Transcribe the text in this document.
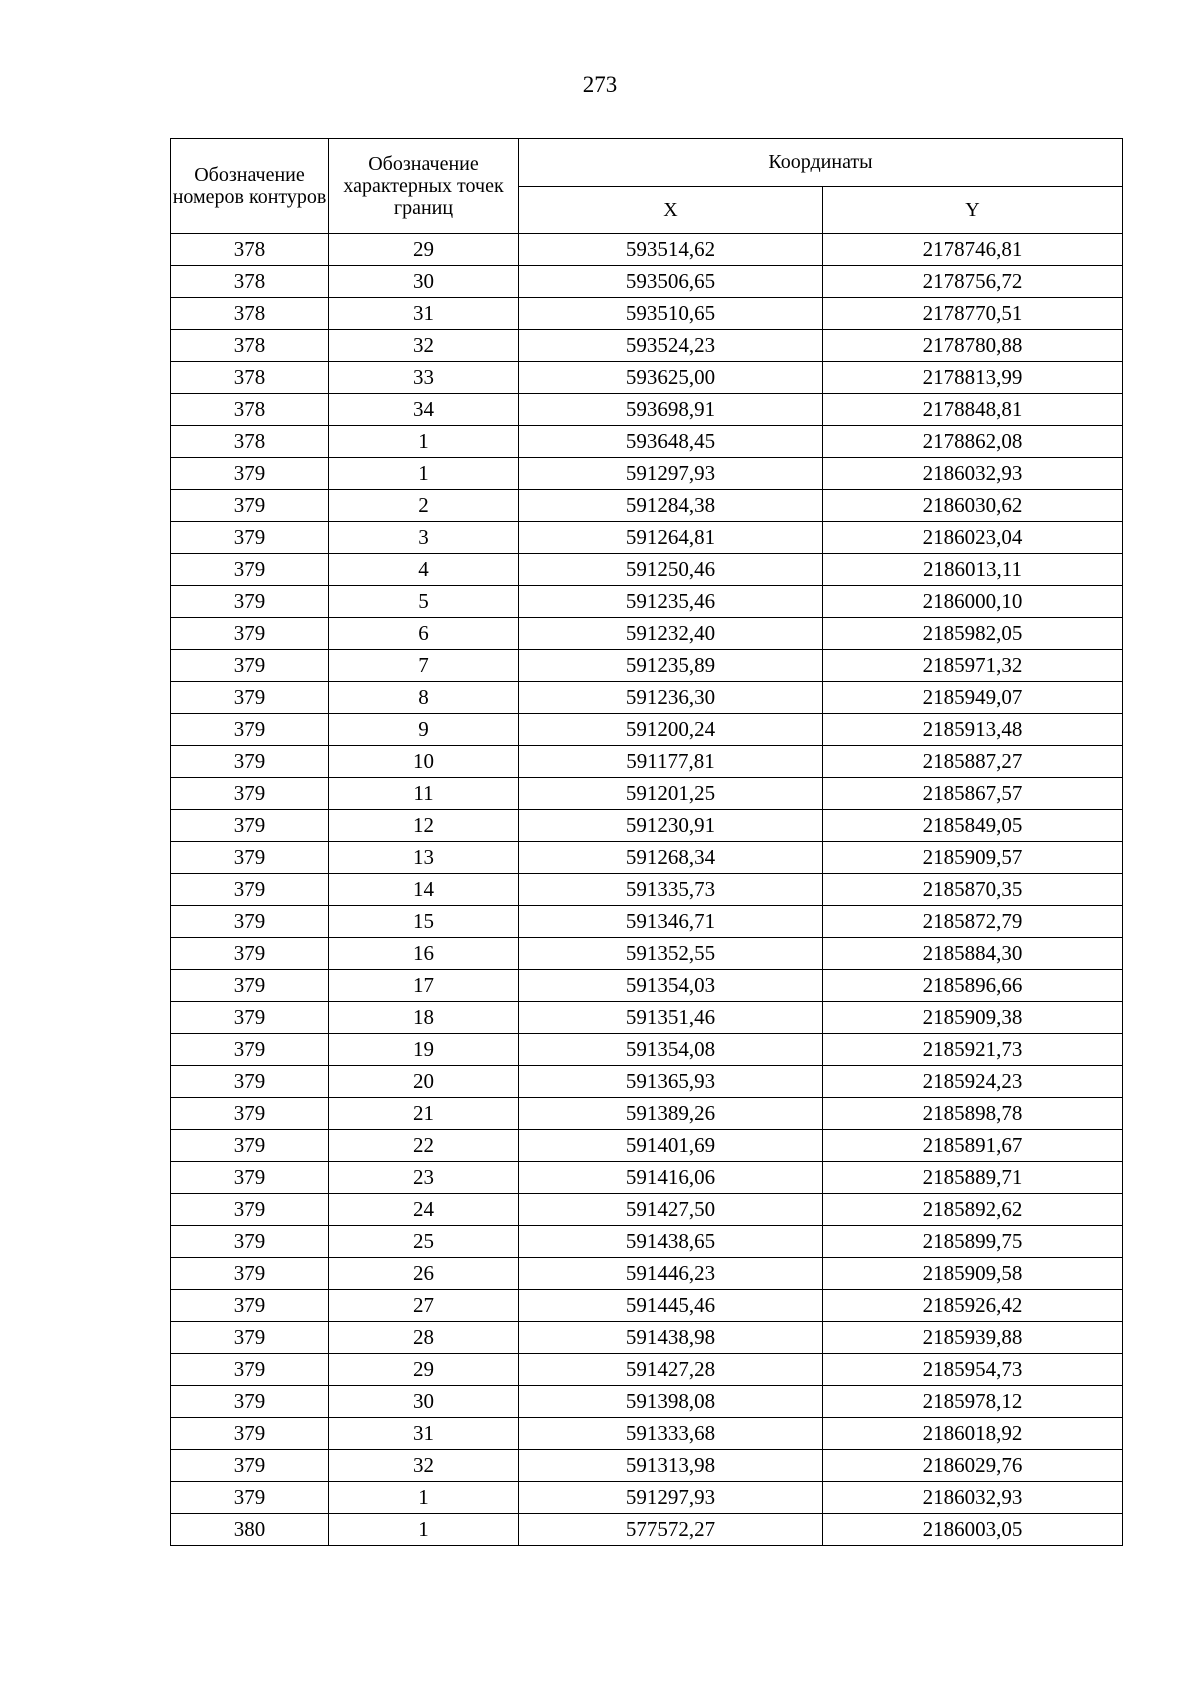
273
Обозначение номеров контуров	Обозначение характерных точек границ	Координаты	
		X	Y
378	29	593514,62	2178746,81
378	30	593506,65	2178756,72
378	31	593510,65	2178770,51
378	32	593524,23	2178780,88
378	33	593625,00	2178813,99
378	34	593698,91	2178848,81
378	1	593648,45	2178862,08
379	1	591297,93	2186032,93
379	2	591284,38	2186030,62
379	3	591264,81	2186023,04
379	4	591250,46	2186013,11
379	5	591235,46	2186000,10
379	6	591232,40	2185982,05
379	7	591235,89	2185971,32
379	8	591236,30	2185949,07
379	9	591200,24	2185913,48
379	10	591177,81	2185887,27
379	11	591201,25	2185867,57
379	12	591230,91	2185849,05
379	13	591268,34	2185909,57
379	14	591335,73	2185870,35
379	15	591346,71	2185872,79
379	16	591352,55	2185884,30
379	17	591354,03	2185896,66
379	18	591351,46	2185909,38
379	19	591354,08	2185921,73
379	20	591365,93	2185924,23
379	21	591389,26	2185898,78
379	22	591401,69	2185891,67
379	23	591416,06	2185889,71
379	24	591427,50	2185892,62
379	25	591438,65	2185899,75
379	26	591446,23	2185909,58
379	27	591445,46	2185926,42
379	28	591438,98	2185939,88
379	29	591427,28	2185954,73
379	30	591398,08	2185978,12
379	31	591333,68	2186018,92
379	32	591313,98	2186029,76
379	1	591297,93	2186032,93
380	1	577572,27	2186003,05
